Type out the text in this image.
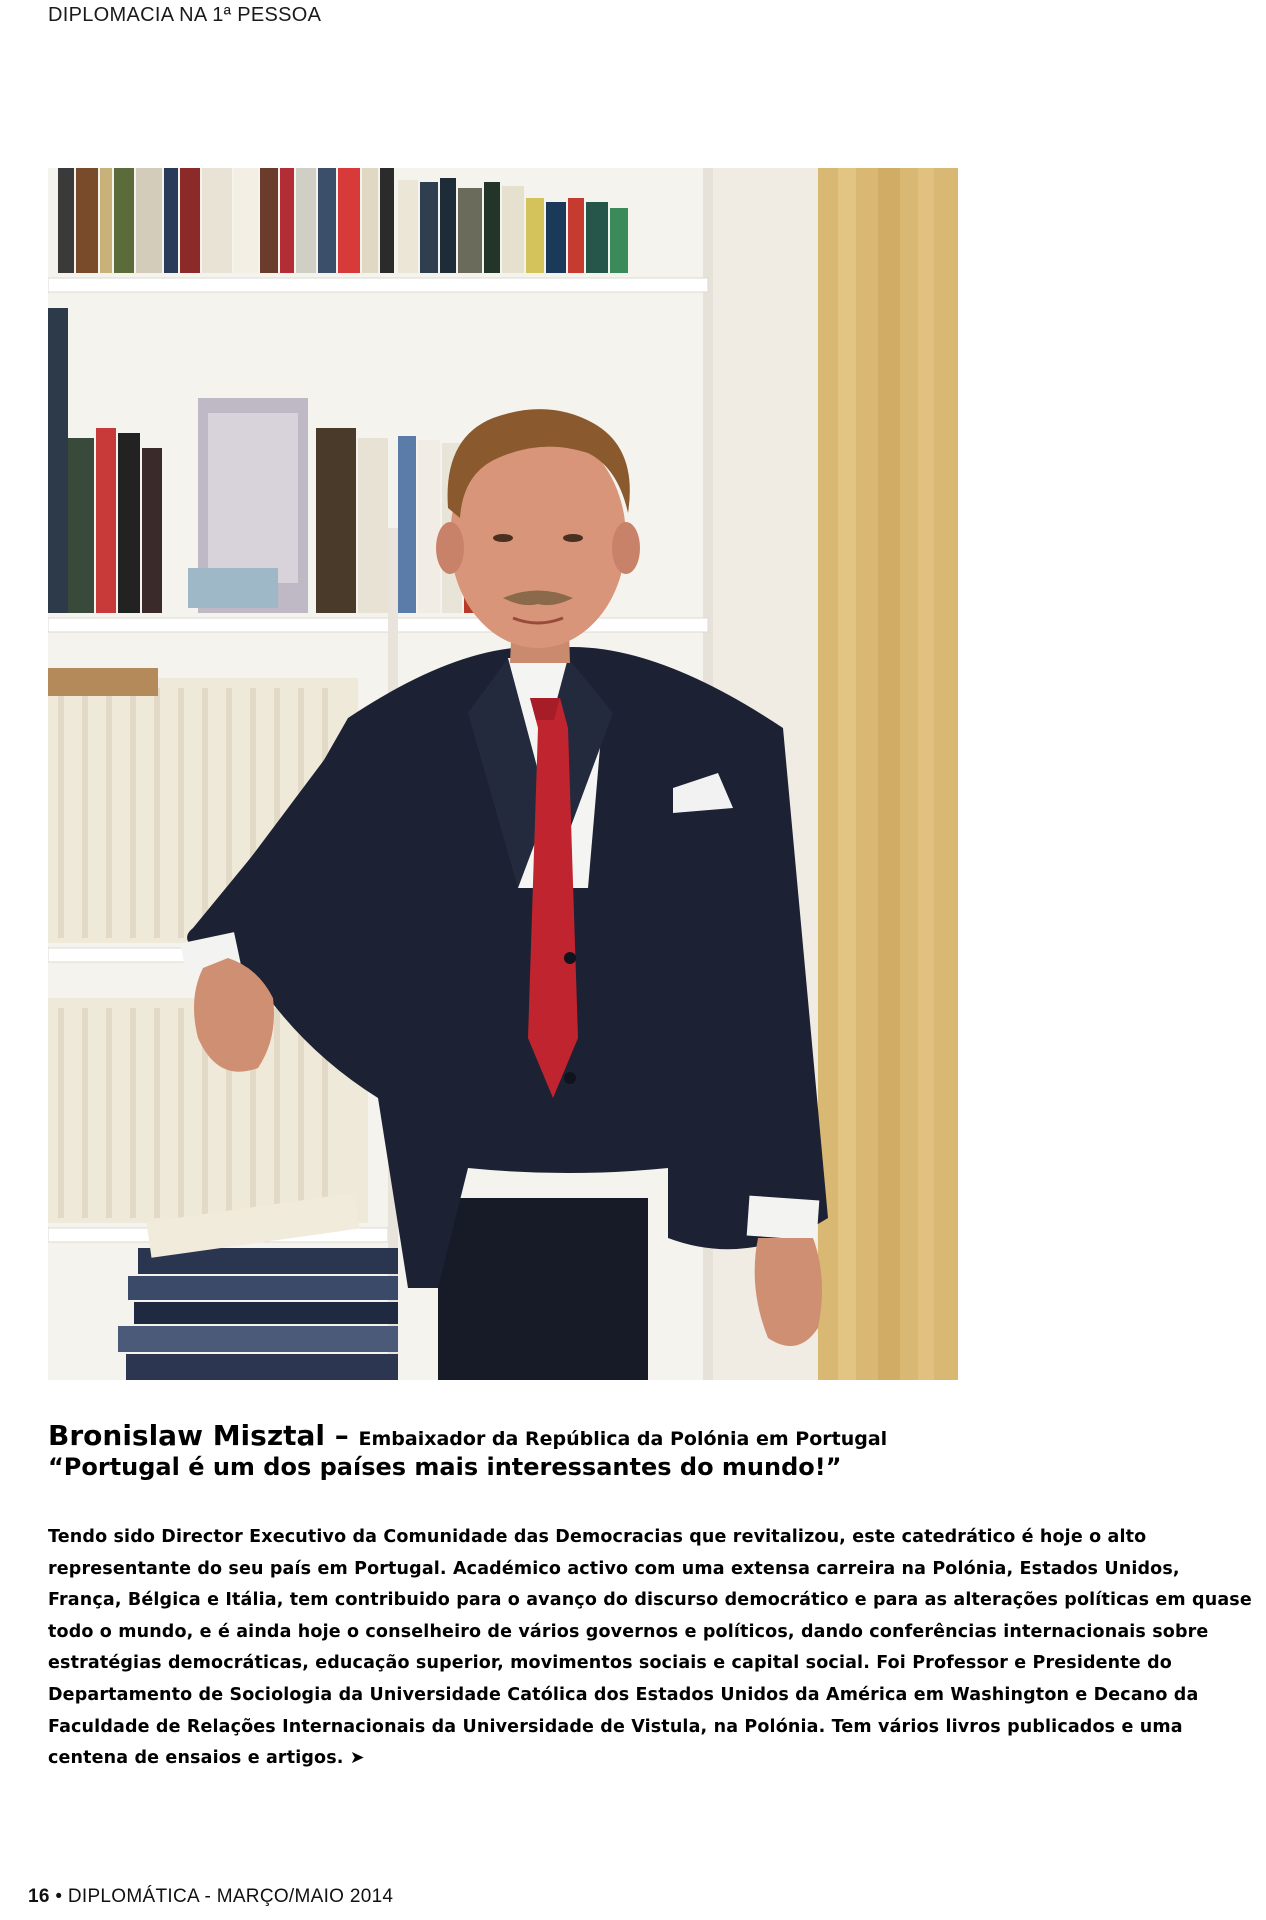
DIPLOMACIA NA 1ª PESSOA
Bronislaw Misztal – Embaixador da República da Polónia em Portugal
“Portugal é um dos países mais interessantes do mundo!”

Tendo sido Director Executivo da Comunidade das Democracias que revitalizou, este catedrático é hoje o alto representante do seu país em Portugal. Académico activo com uma extensa carreira na Polónia, Estados Unidos, França, Bélgica e Itália, tem contribuido para o avanço do discurso democrático e para as alterações políticas em quase todo o mundo, e é ainda hoje o conselheiro de vários governos e políticos, dando conferências internacionais sobre estratégias democráticas, educação superior, movimentos sociais e capital social. Foi Professor e Presidente do Departamento de Sociologia da Universidade Católica dos Estados Unidos da América em Washington e Decano da Faculdade de Relações Internacionais da Universidade de Vistula, na Polónia. Tem vários livros publicados e uma centena de ensaios e artigos. ➤

16 • DIPLOMÁTICA - MARÇO/MAIO 2014
